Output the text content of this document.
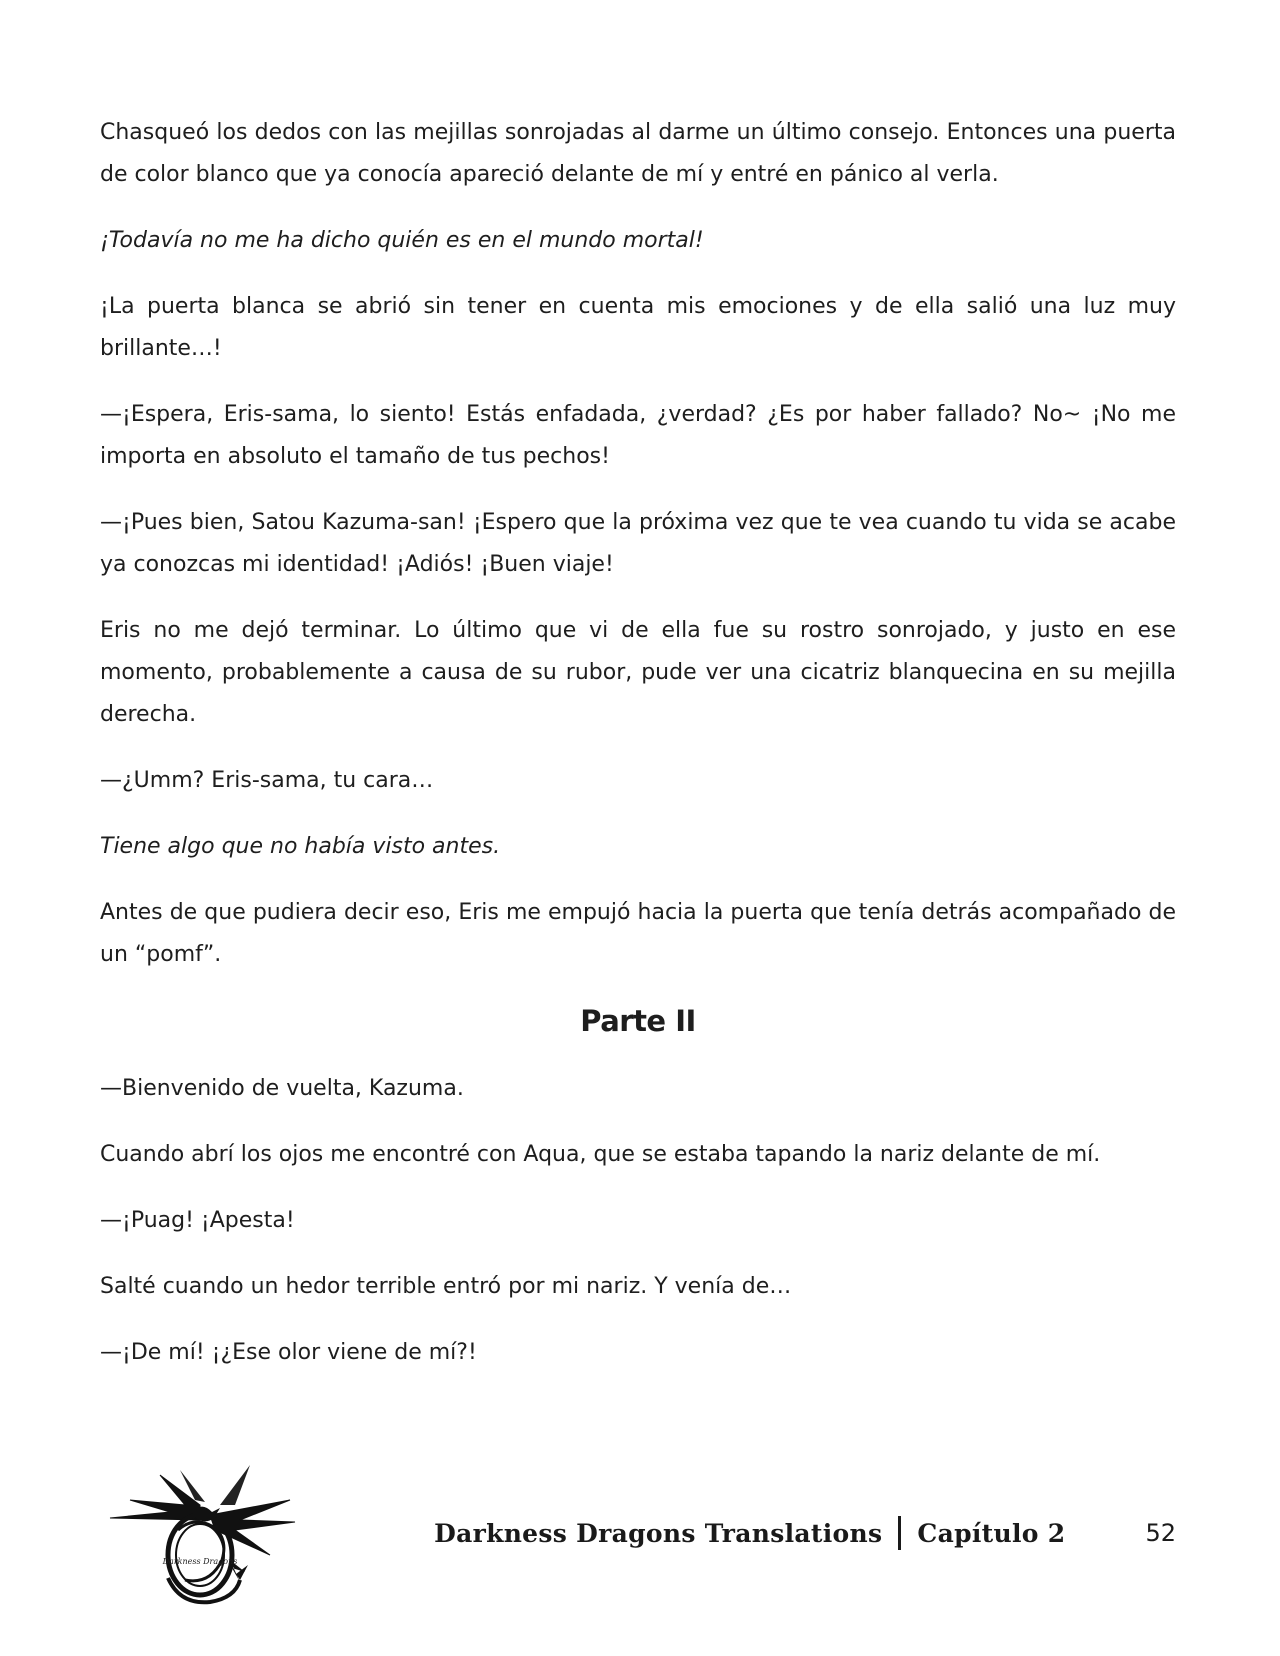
Chasqueó los dedos con las mejillas sonrojadas al darme un último consejo. Entonces una puerta de color blanco que ya conocía apareció delante de mí y entré en pánico al verla.

¡Todavía no me ha dicho quién es en el mundo mortal!

¡La puerta blanca se abrió sin tener en cuenta mis emociones y de ella salió una luz muy brillante…!

—¡Espera, Eris-sama, lo siento! Estás enfadada, ¿verdad? ¿Es por haber fallado? No~ ¡No me importa en absoluto el tamaño de tus pechos!

—¡Pues bien, Satou Kazuma-san! ¡Espero que la próxima vez que te vea cuando tu vida se acabe ya conozcas mi identidad! ¡Adiós! ¡Buen viaje!

Eris no me dejó terminar. Lo último que vi de ella fue su rostro sonrojado, y justo en ese momento, probablemente a causa de su rubor, pude ver una cicatriz blanquecina en su mejilla derecha.

—¿Umm? Eris-sama, tu cara…

Tiene algo que no había visto antes.

Antes de que pudiera decir eso, Eris me empujó hacia la puerta que tenía detrás acompañado de un “pomf”.

Parte II

—Bienvenido de vuelta, Kazuma.

Cuando abrí los ojos me encontré con Aqua, que se estaba tapando la nariz delante de mí.

—¡Puag! ¡Apesta!

Salté cuando un hedor terrible entró por mi nariz. Y venía de…

—¡De mí! ¡¿Ese olor viene de mí?!

Darkness Dragons
Darkness Dragons Translations Capítulo 2	52
